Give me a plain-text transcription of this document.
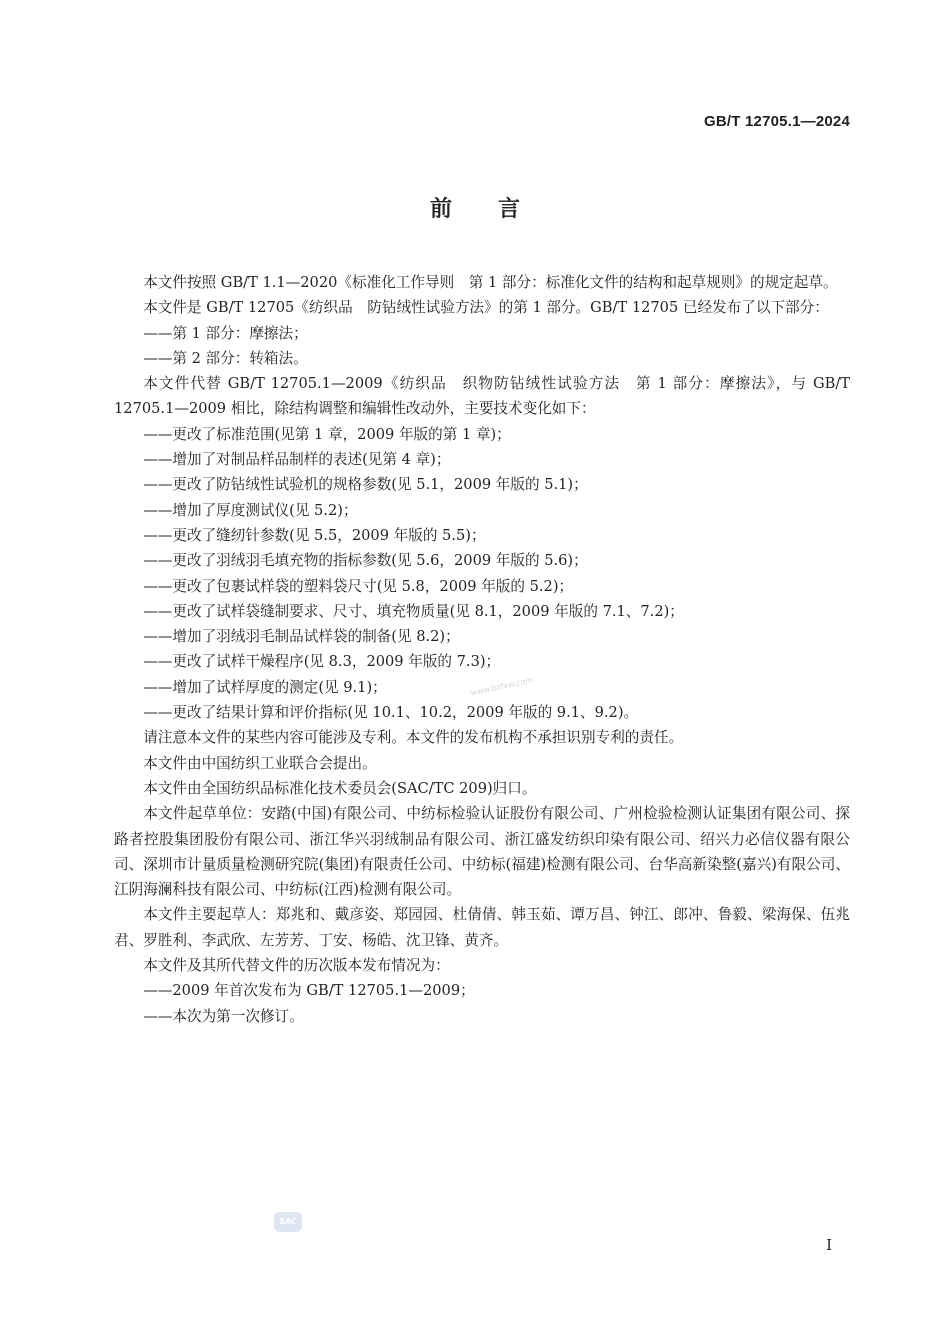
GB/T 12705.1—2024
前言

本文件按照 GB/T 1.1—2020《标准化工作导则　第 1 部分：标准化文件的结构和起草规则》的规定起草。

本文件是 GB/T 12705《纺织品　防钻绒性试验方法》的第 1 部分。GB/T 12705 已经发布了以下部分：

——第 1 部分：摩擦法；

——第 2 部分：转箱法。

本文件代替 GB/T 12705.1—2009《纺织品　织物防钻绒性试验方法　第 1 部分：摩擦法》，与 GB/T 12705.1—2009 相比，除结构调整和编辑性改动外，主要技术变化如下：

——更改了标准范围(见第 1 章，2009 年版的第 1 章)；

——增加了对制品样品制样的表述(见第 4 章)；

——更改了防钻绒性试验机的规格参数(见 5.1，2009 年版的 5.1)；

——增加了厚度测试仪(见 5.2)；

——更改了缝纫针参数(见 5.5，2009 年版的 5.5)；

——更改了羽绒羽毛填充物的指标参数(见 5.6，2009 年版的 5.6)；

——更改了包裹试样袋的塑料袋尺寸(见 5.8，2009 年版的 5.2)；

——更改了试样袋缝制要求、尺寸、填充物质量(见 8.1，2009 年版的 7.1、7.2)；

——增加了羽绒羽毛制品试样袋的制备(见 8.2)；

——更改了试样干燥程序(见 8.3，2009 年版的 7.3)；

——增加了试样厚度的测定(见 9.1)；

——更改了结果计算和评价指标(见 10.1、10.2，2009 年版的 9.1、9.2)。

请注意本文件的某些内容可能涉及专利。本文件的发布机构不承担识别专利的责任。

本文件由中国纺织工业联合会提出。

本文件由全国纺织品标准化技术委员会(SAC/TC 209)归口。

本文件起草单位：安踏(中国)有限公司、中纺标检验认证股份有限公司、广州检验检测认证集团有限公司、探路者控股集团股份有限公司、浙江华兴羽绒制品有限公司、浙江盛发纺织印染有限公司、绍兴力必信仪器有限公司、深圳市计量质量检测研究院(集团)有限责任公司、中纺标(福建)检测有限公司、台华高新染整(嘉兴)有限公司、江阴海澜科技有限公司、中纺标(江西)检测有限公司。

本文件主要起草人：郑兆和、戴彦姿、郑园园、杜倩倩、韩玉茹、谭万昌、钟江、郎冲、鲁毅、梁海保、伍兆君、罗胜利、李武欣、左芳芳、丁安、杨皓、沈卫锋、黄齐。

本文件及其所代替文件的历次版本发布情况为：

——2009 年首次发布为 GB/T 12705.1—2009；

——本次为第一次修订。

www.bzfxw.com
SAC
I
